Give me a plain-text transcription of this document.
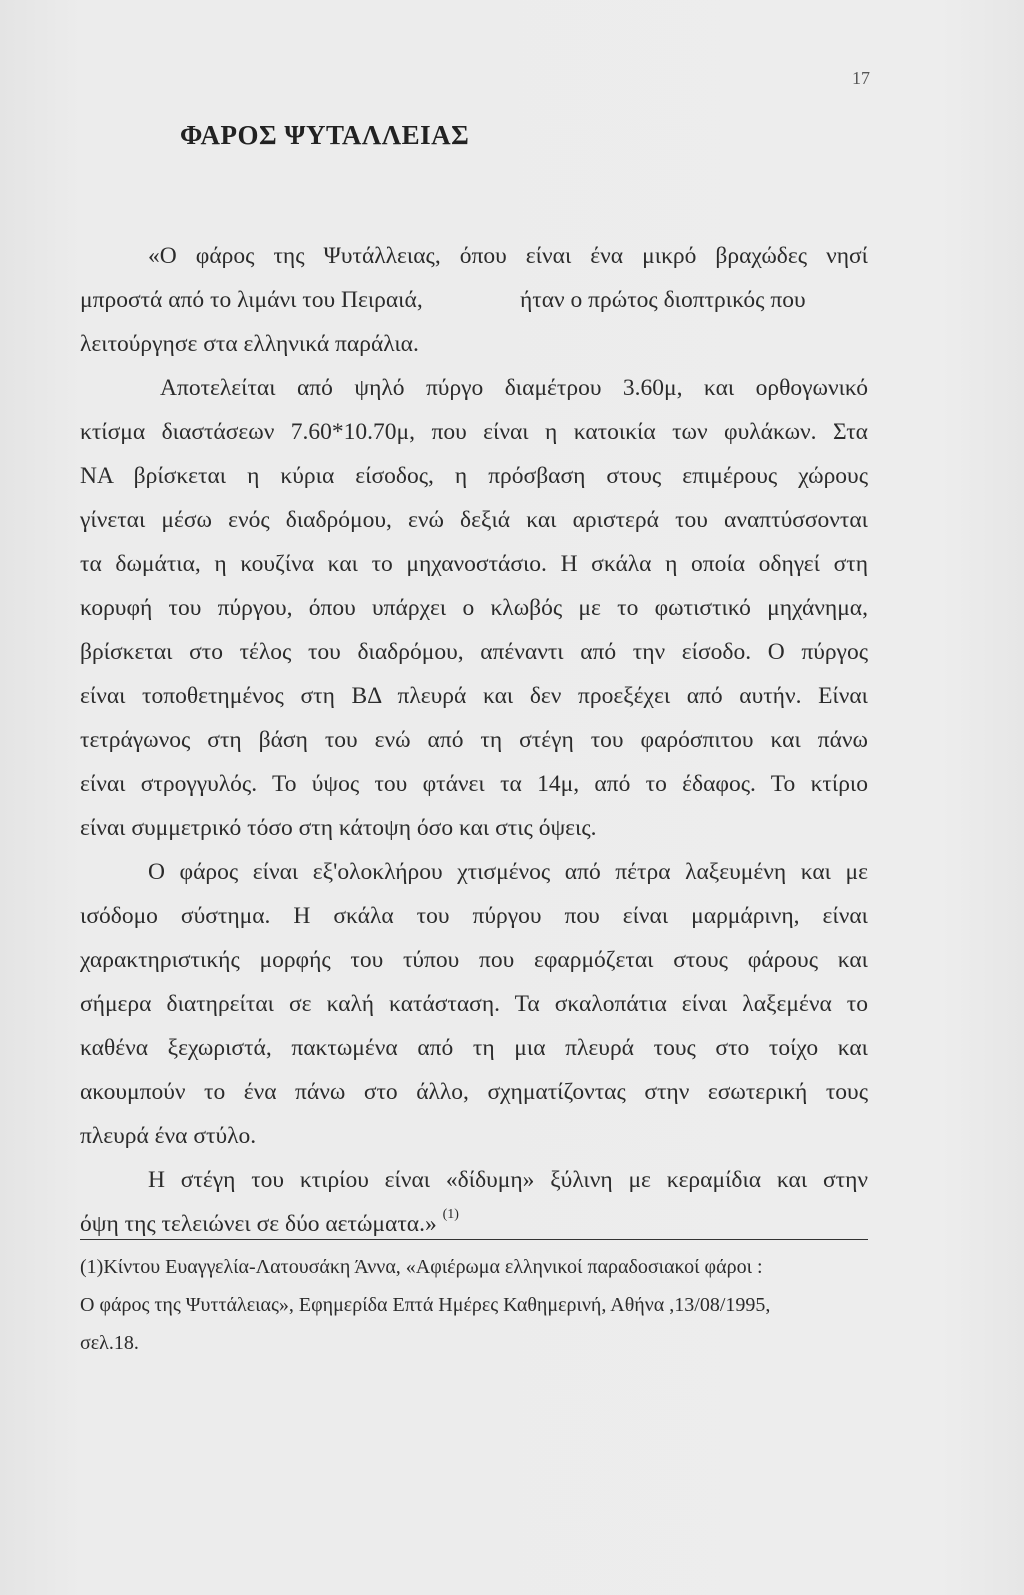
17
ΦΑΡΟΣ ΨΥΤΑΛΛΕΙΑΣ
«Ο φάρος της Ψυτάλλειας, όπου είναι ένα μικρό βραχώδες νησί
μπροστά από το λιμάνι του Πειραιά,	ήταν ο πρώτος διοπτρικός που
λειτούργησε στα ελληνικά παράλια.
Αποτελείται από ψηλό πύργο διαμέτρου 3.60μ, και ορθογωνικό
κτίσμα διαστάσεων 7.60*10.70μ, που είναι η κατοικία των φυλάκων. Στα
ΝΑ βρίσκεται η κύρια είσοδος, η πρόσβαση στους επιμέρους χώρους
γίνεται μέσω ενός διαδρόμου, ενώ δεξιά και αριστερά του αναπτύσσονται
τα δωμάτια, η κουζίνα και το μηχανοστάσιο. Η σκάλα η οποία οδηγεί στη
κορυφή του πύργου, όπου υπάρχει ο κλωβός με το φωτιστικό μηχάνημα,
βρίσκεται στο τέλος του διαδρόμου, απέναντι από την είσοδο. Ο πύργος
είναι τοποθετημένος στη ΒΔ πλευρά και δεν προεξέχει από αυτήν. Είναι
τετράγωνος στη βάση του ενώ από τη στέγη του φαρόσπιτου και πάνω
είναι στρογγυλός. Το ύψος του φτάνει τα 14μ, από το έδαφος. Το κτίριο
είναι συμμετρικό τόσο στη κάτοψη όσο και στις όψεις.
Ο φάρος είναι εξ'ολοκλήρου χτισμένος από πέτρα λαξευμένη και με
ισόδομο σύστημα. Η σκάλα του πύργου που είναι μαρμάρινη, είναι
χαρακτηριστικής μορφής του τύπου που εφαρμόζεται στους φάρους και
σήμερα διατηρείται σε καλή κατάσταση. Τα σκαλοπάτια είναι λαξεμένα το
καθένα ξεχωριστά, πακτωμένα από τη μια πλευρά τους στο τοίχο και
ακουμπούν το ένα πάνω στο άλλο, σχηματίζοντας στην εσωτερική τους
πλευρά ένα στύλο.
Η στέγη του κτιρίου είναι «δίδυμη» ξύλινη με κεραμίδια και στην
όψη της τελειώνει σε δύο αετώματα.» $^{(1)}$
(1)Κίντου Ευαγγελία-Λατουσάκη Άννα, «Αφιέρωμα ελληνικοί παραδοσιακοί φάροι :
Ο φάρος της Ψυττάλειας», Εφημερίδα Επτά Ημέρες Καθημερινή, Αθήνα ,13/08/1995,
σελ.18.
